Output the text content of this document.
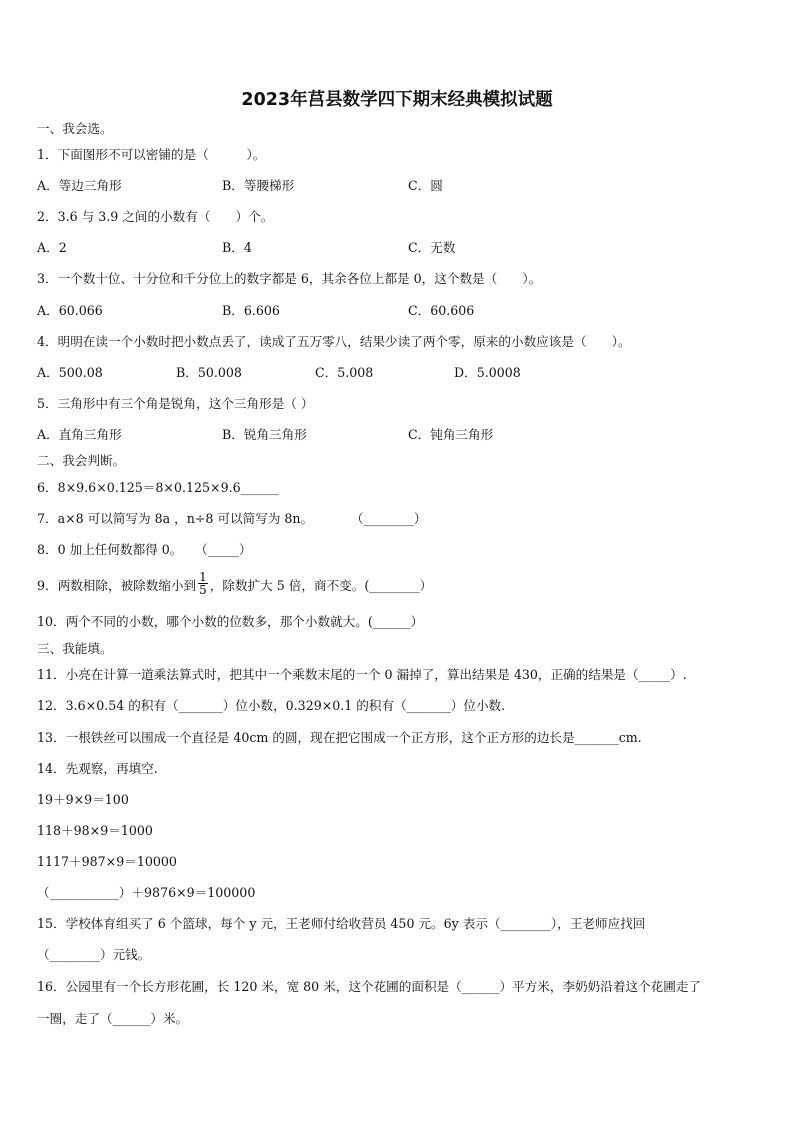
2023年莒县数学四下期末经典模拟试题
一、我会选。
1．下面图形不可以密铺的是（　　　）。
A．等边三角形	B．等腰梯形	C．圆
2．3.6 与 3.9 之间的小数有（　　）个。
A．2	B．4	C．无数
3．一个数十位、十分位和千分位上的数字都是 6，其余各位上都是 0，这个数是（　　）。
A．60.066	B．6.606	C．60.606
4．明明在读一个小数时把小数点丢了，读成了五万零八，结果少读了两个零，原来的小数应该是（　　）。
A．500.08	B．50.008	C．5.008	D．5.0008
5．三角形中有三个角是锐角，这个三角形是（ ）
A．直角三角形	B．锐角三角形	C．钝角三角形
二、我会判断。
6．8×9.6×0.125＝8×0.125×9.6______
7．a×8 可以简写为 8a ，n÷8 可以简写为 8n。　　　　（________）
8．0 加上任何数都得 0。　　（_____）
9．两数相除，被除数缩小到 $\frac{1}{5}$ ，除数扩大 5 倍，商不变。(________）
10．两个不同的小数，哪个小数的位数多，那个小数就大。(______）
三、我能填。
11．小亮在计算一道乘法算式时，把其中一个乘数末尾的一个 0 漏掉了，算出结果是 430，正确的结果是（_____）.
12．3.6×0.54 的积有（_______）位小数，0.329×0.1 的积有（_______）位小数.
13．一根铁丝可以围成一个直径是 40cm 的圆，现在把它围成一个正方形，这个正方形的边长是_______cm.
14．先观察，再填空.
19＋9×9＝100
118＋98×9＝1000
1117＋987×9＝10000
（___________）＋9876×9＝100000
15．学校体育组买了 6 个篮球，每个 y 元，王老师付给收营员 450 元。6y 表示（________），王老师应找回
（________）元钱。
16．公园里有一个长方形花圃，长 120 米，宽 80 米，这个花圃的面积是（______）平方米，李奶奶沿着这个花圃走了
一圈，走了（______）米。
